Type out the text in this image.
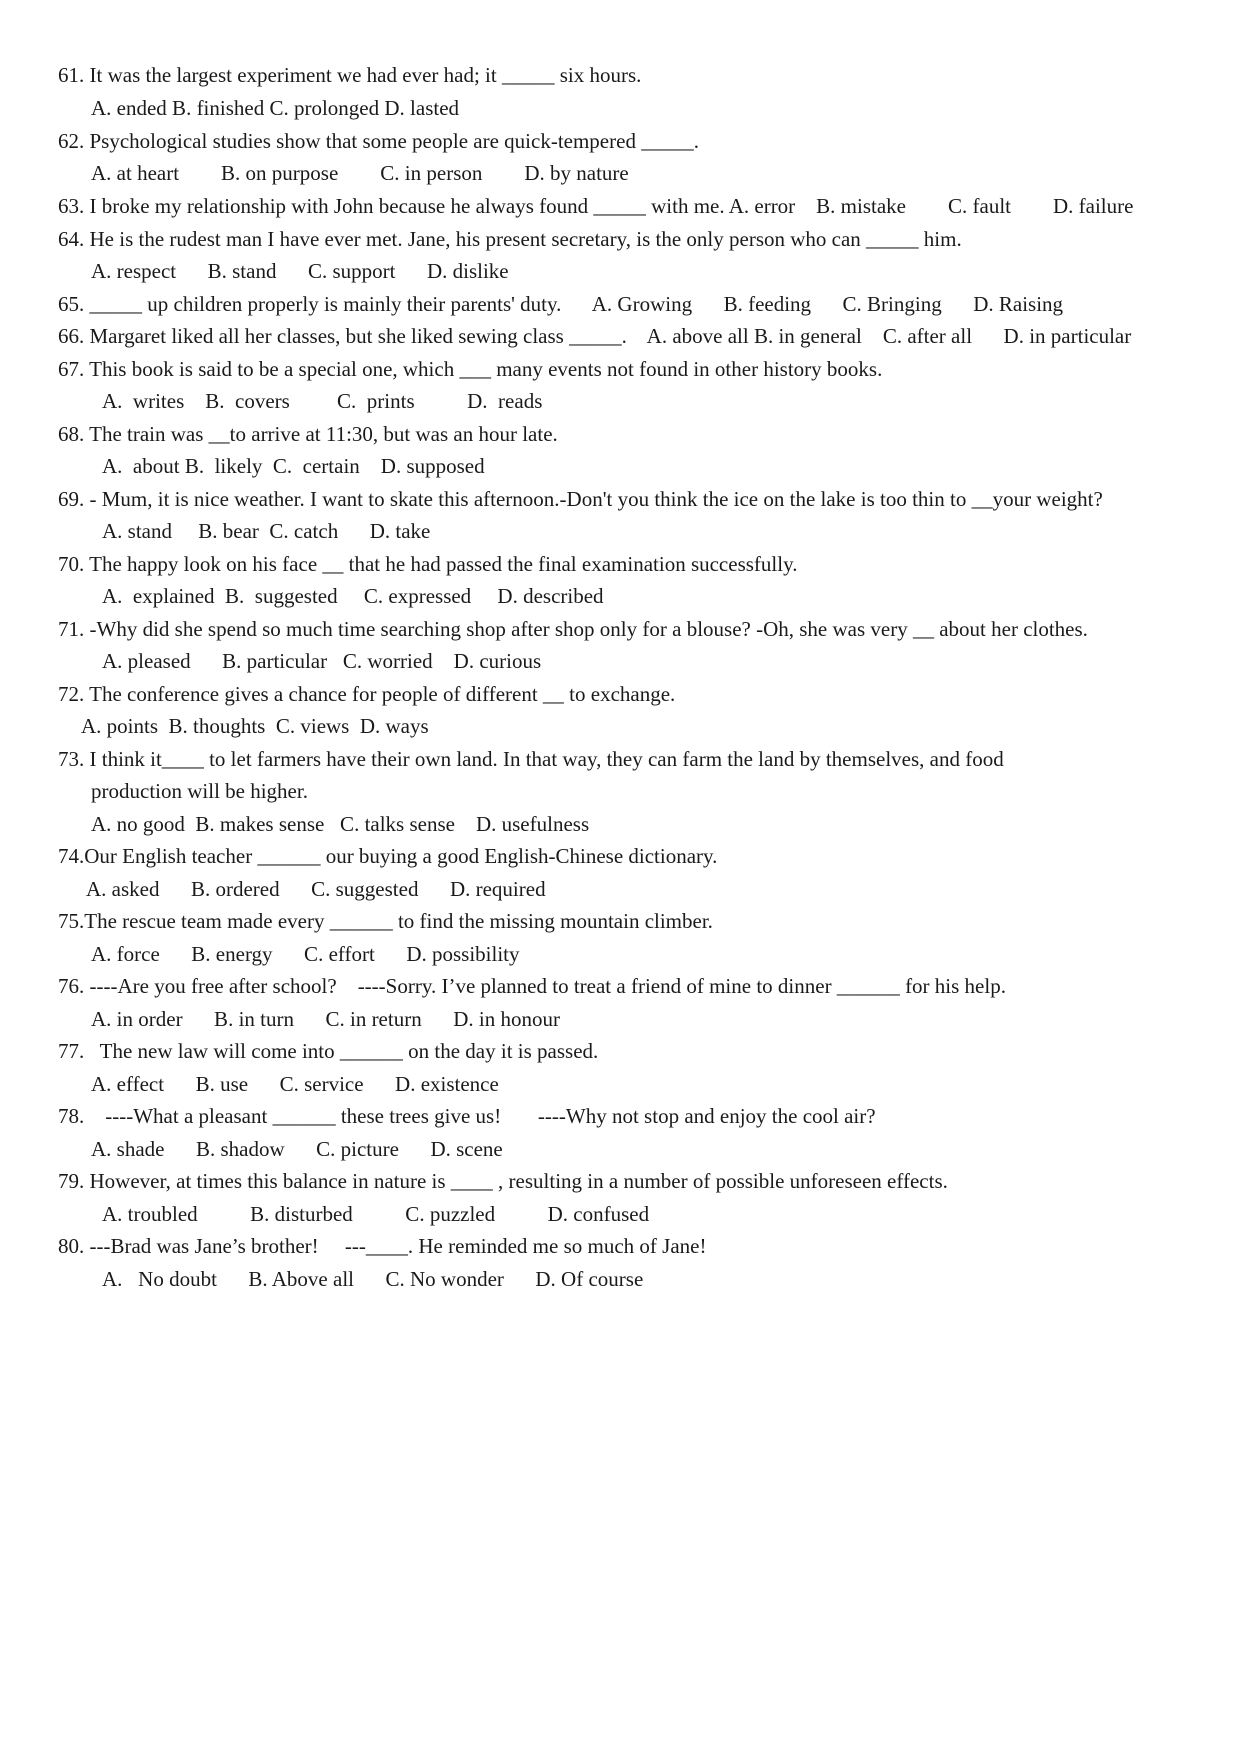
61. It was the largest experiment we had ever had; it _____ six hours.
A. ended B. finished C. prolonged D. lasted
62. Psychological studies show that some people are quick-tempered _____.
A. at heart        B. on purpose        C. in person        D. by nature
63. I broke my relationship with John because he always found _____ with me. A. error    B. mistake        C. fault        D. failure
64. He is the rudest man I have ever met. Jane, his present secretary, is the only person who can _____ him.
A. respect      B. stand      C. support      D. dislike
65. _____ up children properly is mainly their parents' duty.      A. Growing      B. feeding      C. Bringing      D. Raising
66. Margaret liked all her classes, but she liked sewing class _____.    A. above all B. in general    C. after all      D. in particular
67. This book is said to be a special one, which ___ many events not found in other history books.
A.  writes    B.  covers         C.  prints          D.  reads
68. The train was __to arrive at 11:30, but was an hour late.
A.  about B.  likely  C.  certain    D. supposed
69. - Mum, it is nice weather. I want to skate this afternoon.-Don't you think the ice on the lake is too thin to __your weight?
A. stand     B. bear  C. catch      D. take
70. The happy look on his face __ that he had passed the final examination successfully.
A.  explained  B.  suggested     C. expressed     D. described
71. -Why did she spend so much time searching shop after shop only for a blouse? -Oh, she was very __ about her clothes.
A. pleased      B. particular   C. worried    D. curious
72. The conference gives a chance for people of different __ to exchange.
A. points  B. thoughts  C. views  D. ways
73. I think it____ to let farmers have their own land. In that way, they can farm the land by themselves, and food
production will be higher.
A. no good  B. makes sense   C. talks sense    D. usefulness
74.Our English teacher ______ our buying a good English-Chinese dictionary.
A. asked      B. ordered      C. suggested      D. required
75.The rescue team made every ______ to find the missing mountain climber.
A. force      B. energy      C. effort      D. possibility
76. ----Are you free after school?    ----Sorry. I’ve planned to treat a friend of mine to dinner ______ for his help.
A. in order      B. in turn      C. in return      D. in honour
77.   The new law will come into ______ on the day it is passed.
A. effect      B. use      C. service      D. existence
78.    ----What a pleasant ______ these trees give us!       ----Why not stop and enjoy the cool air?
A. shade      B. shadow      C. picture      D. scene
79. However, at times this balance in nature is ____ , resulting in a number of possible unforeseen effects.
A. troubled          B. disturbed          C. puzzled          D. confused
80. ---Brad was Jane’s brother!     ---____. He reminded me so much of Jane!
A.   No doubt      B. Above all      C. No wonder      D. Of course
